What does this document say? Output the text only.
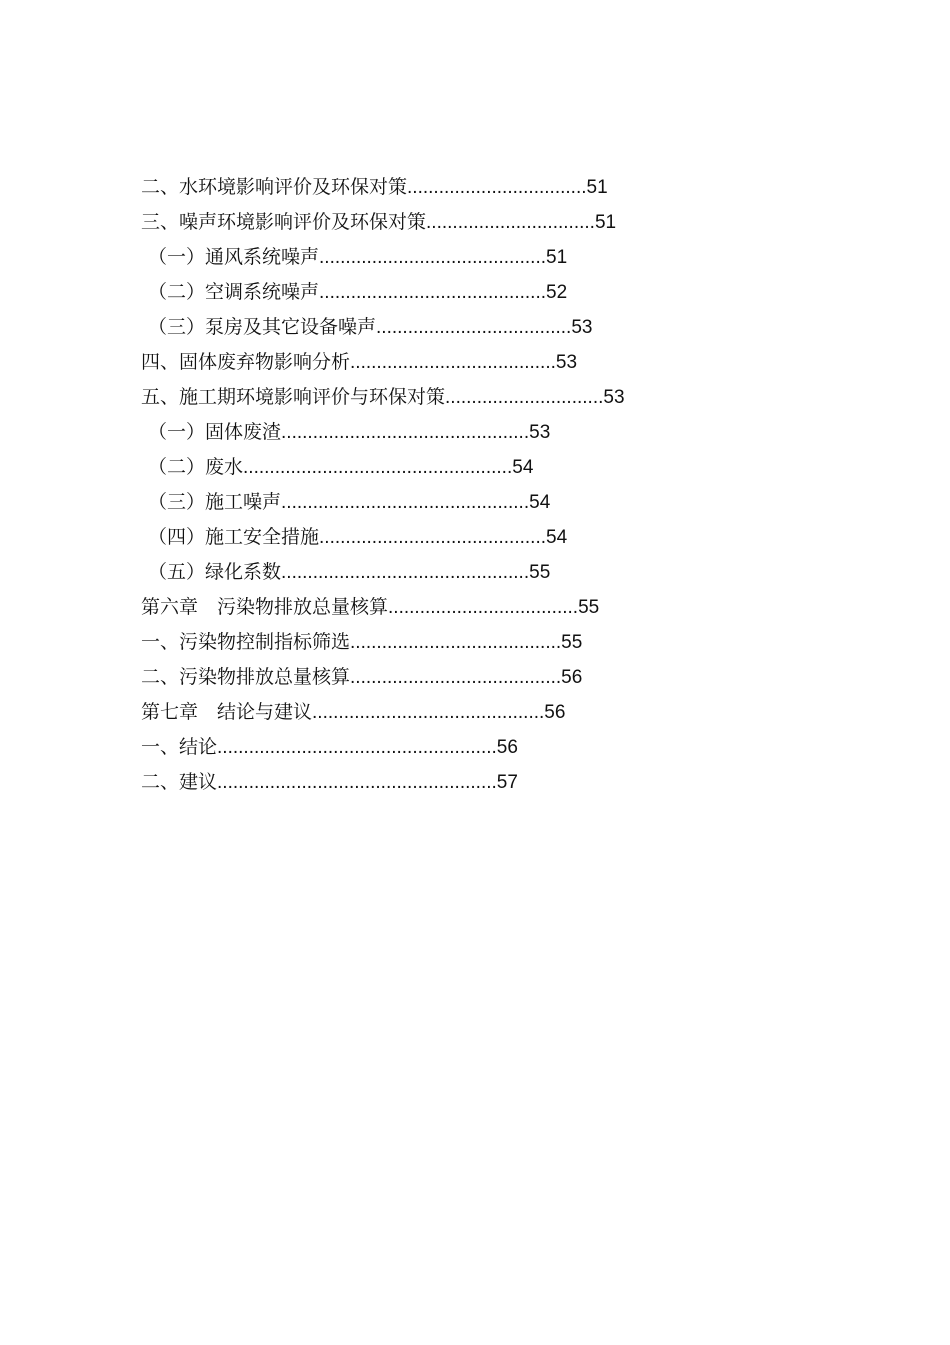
二、水环境影响评价及环保对策..................................51
三、噪声环境影响评价及环保对策................................51
（一）通风系统噪声...........................................51
（二）空调系统噪声...........................................52
（三）泵房及其它设备噪声.....................................53
四、固体废弃物影响分析.......................................53
五、施工期环境影响评价与环保对策..............................53
（一）固体废渣...............................................53
（二）废水...................................................54
（三）施工噪声...............................................54
（四）施工安全措施...........................................54
（五）绿化系数...............................................55
第六章　污染物排放总量核算....................................55
一、污染物控制指标筛选........................................55
二、污染物排放总量核算........................................56
第七章　结论与建议............................................56
一、结论.....................................................56
二、建议.....................................................57
